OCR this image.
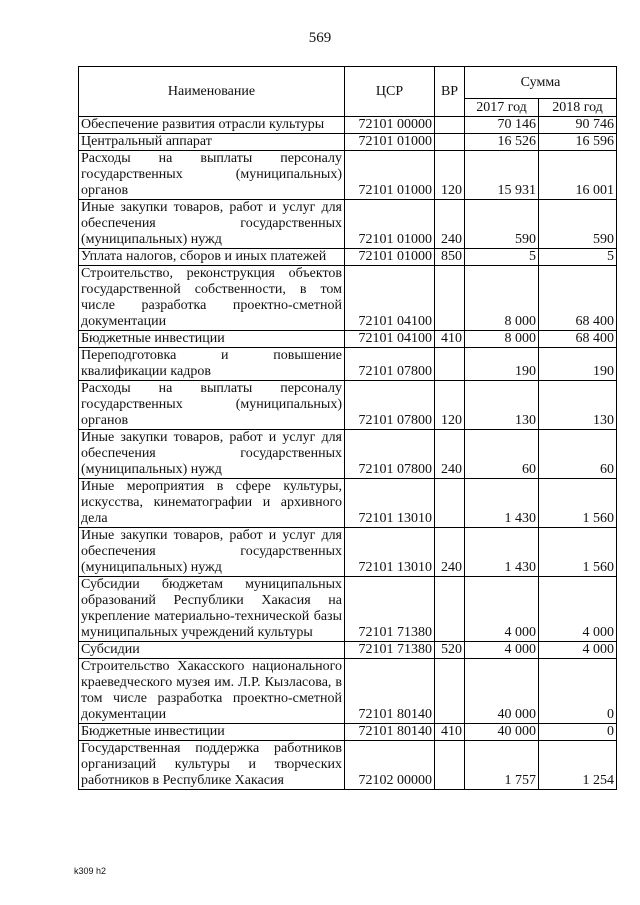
569
Наименование	ЦСР	ВР	Сумма	
			2017 год	2018 год
Обеспечение развития отрасли культуры	72101 00000		70 146	90 746
Центральный аппарат	72101 01000		16 526	16 596
Расходы на выплаты персоналу государственных (муниципальных) органов	72101 01000	120	15 931	16 001
Иные закупки товаров, работ и услуг для обеспечения государственных (муниципальных) нужд	72101 01000	240	590	590
Уплата налогов, сборов и иных платежей	72101 01000	850	5	5
Строительство, реконструкция объектов государственной собственности, в том числе разработка проектно-сметной документации	72101 04100		8 000	68 400
Бюджетные инвестиции	72101 04100	410	8 000	68 400
Переподготовка и повышение квалификации кадров	72101 07800		190	190
Расходы на выплаты персоналу государственных (муниципальных) органов	72101 07800	120	130	130
Иные закупки товаров, работ и услуг для обеспечения государственных (муниципальных) нужд	72101 07800	240	60	60
Иные мероприятия в сфере культуры, искусства, кинематографии и архивного дела	72101 13010		1 430	1 560
Иные закупки товаров, работ и услуг для обеспечения государственных (муниципальных) нужд	72101 13010	240	1 430	1 560
Субсидии бюджетам муниципальных образований Республики Хакасия на укрепление материально-технической базы муниципальных учреждений культуры	72101 71380		4 000	4 000
Субсидии	72101 71380	520	4 000	4 000
Строительство Хакасского национального краеведческого музея им. Л.Р. Кызласова, в том числе разработка проектно-сметной документации	72101 80140		40 000	0
Бюджетные инвестиции	72101 80140	410	40 000	0
Государственная поддержка работников организаций культуры и творческих работников в Республике Хакасия	72102 00000		1 757	1 254
k309 h2
